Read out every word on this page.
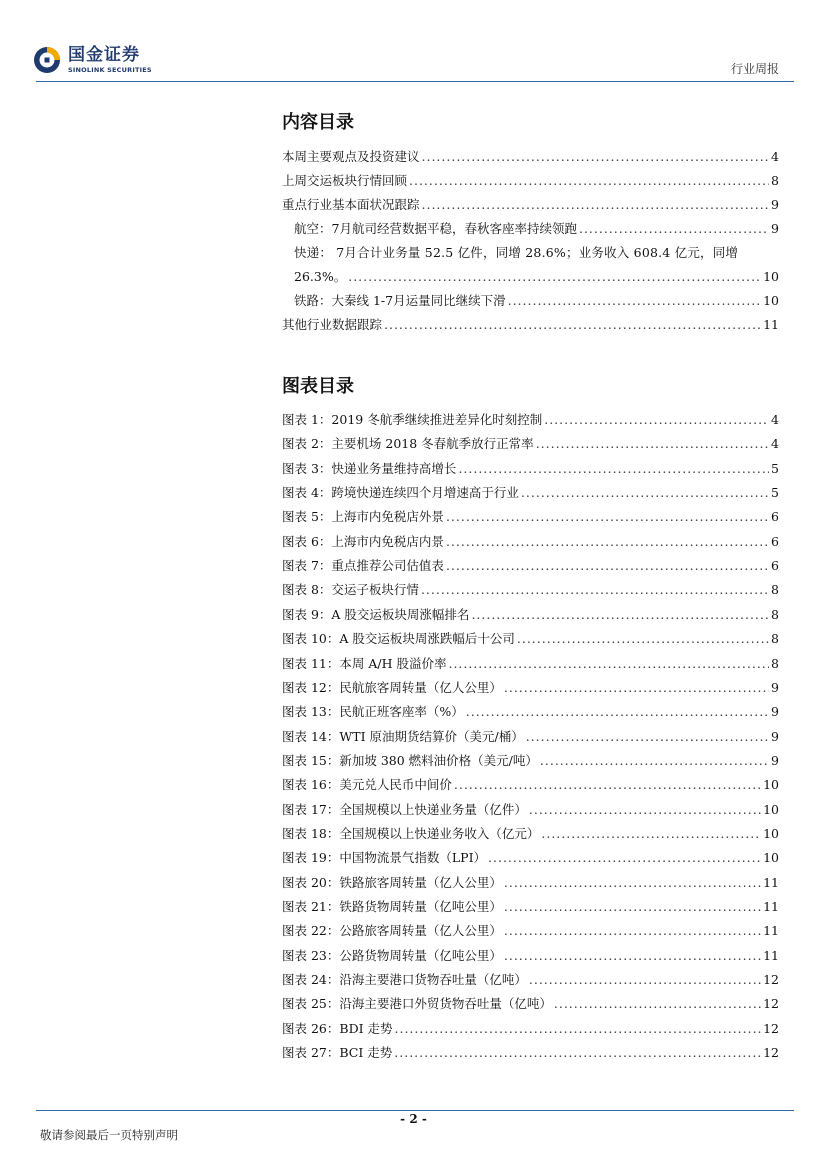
国金证券
SINOLINK SECURITIES	行业周报
内容目录
本周主要观点及投资建议 .....	4
上周交运板块行情回顾 .....	8
重点行业基本面状况跟踪 .....	9
航空：7月航司经营数据平稳，春秋客座率持续领跑 .....	9
快递： 7月合计业务量 52.5 亿件，同增 28.6%；业务收入 608.4 亿元，同增
26.3%。 .....	10
铁路：大秦线 1-7月运量同比继续下滑 .....	10
其他行业数据跟踪 .....	11
图表目录
图表 1：2019 冬航季继续推进差异化时刻控制 .....	4
图表 2：主要机场 2018 冬春航季放行正常率 .....	4
图表 3：快递业务量维持高增长 .....	5
图表 4：跨境快递连续四个月增速高于行业 .....	5
图表 5：上海市内免税店外景 .....	6
图表 6：上海市内免税店内景 .....	6
图表 7：重点推荐公司估值表 .....	6
图表 8：交运子板块行情 .....	8
图表 9：A 股交运板块周涨幅排名 .....	8
图表 10：A 股交运板块周涨跌幅后十公司 .....	8
图表 11：本周 A/H 股溢价率 .....	8
图表 12：民航旅客周转量（亿人公里） .....	9
图表 13：民航正班客座率（%） .....	9
图表 14：WTI 原油期货结算价（美元/桶） .....	9
图表 15：新加坡 380 燃料油价格（美元/吨） .....	9
图表 16：美元兑人民币中间价 .....	10
图表 17：全国规模以上快递业务量（亿件） .....	10
图表 18：全国规模以上快递业务收入（亿元） .....	10
图表 19：中国物流景气指数（LPI） .....	10
图表 20：铁路旅客周转量（亿人公里） .....	11
图表 21：铁路货物周转量（亿吨公里） .....	11
图表 22：公路旅客周转量（亿人公里） .....	11
图表 23：公路货物周转量（亿吨公里） .....	11
图表 24：沿海主要港口货物吞吐量（亿吨） .....	12
图表 25：沿海主要港口外贸货物吞吐量（亿吨） .....	12
图表 26：BDI 走势 .....	12
图表 27：BCI 走势 .....	12
- 2 -
敬请参阅最后一页特别声明
